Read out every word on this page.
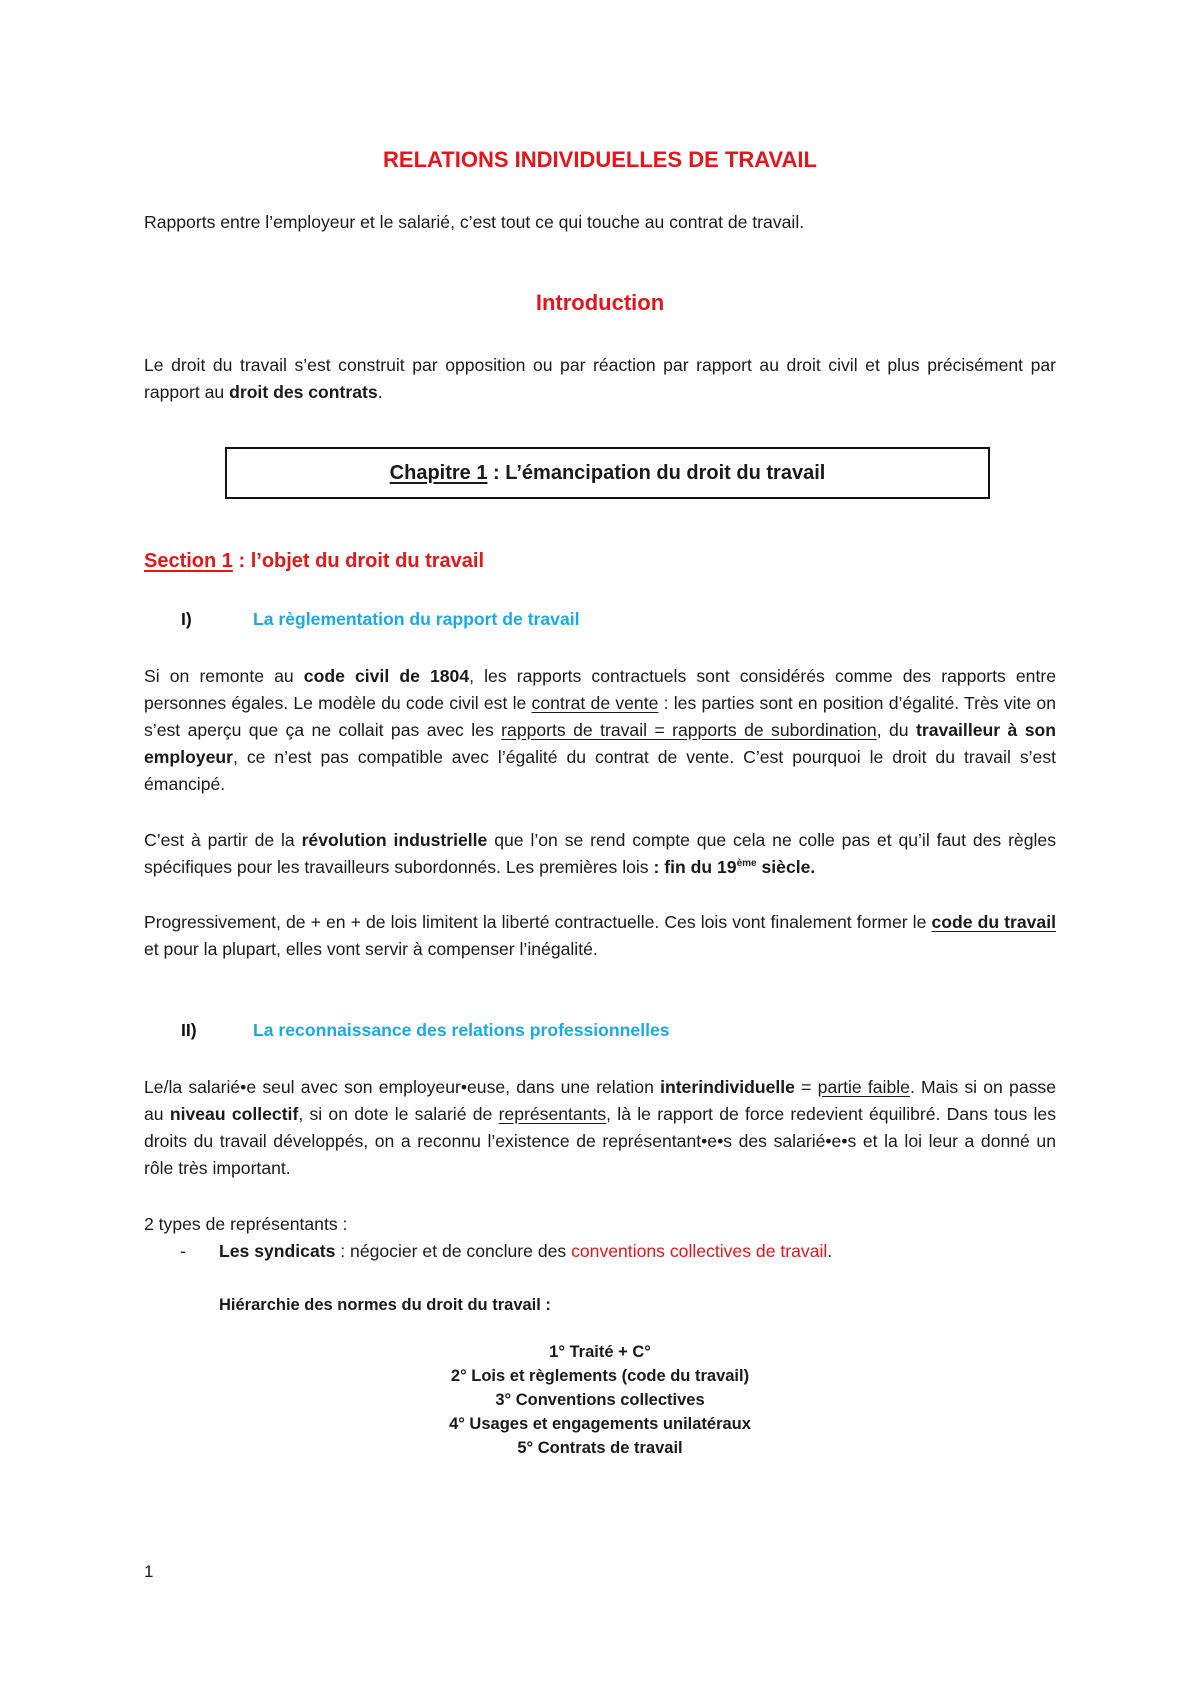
RELATIONS INDIVIDUELLES DE TRAVAIL

Rapports entre l’employeur et le salarié, c’est tout ce qui touche au contrat de travail.

Introduction

Le droit du travail s’est construit par opposition ou par réaction par rapport au droit civil et plus précisément par rapport au droit des contrats.

Chapitre 1 : L’émancipation du droit du travail
Section 1 : l’objet du droit du travail
I)	La règlementation du rapport de travail

Si on remonte au code civil de 1804, les rapports contractuels sont considérés comme des rapports entre personnes égales. Le modèle du code civil est le contrat de vente : les parties sont en position d’égalité. Très vite on s’est aperçu que ça ne collait pas avec les rapports de travail = rapports de subordination, du travailleur à son employeur, ce n’est pas compatible avec l’égalité du contrat de vente. C’est pourquoi le droit du travail s’est émancipé.

C’est à partir de la révolution industrielle que l’on se rend compte que cela ne colle pas et qu’il faut des règles spécifiques pour les travailleurs subordonnés. Les premières lois : fin du 19ème siècle.

Progressivement, de + en + de lois limitent la liberté contractuelle. Ces lois vont finalement former le code du travail et pour la plupart, elles vont servir à compenser l’inégalité.

II)	La reconnaissance des relations professionnelles

Le/la salarié•e seul avec son employeur•euse, dans une relation interindividuelle = partie faible. Mais si on passe au niveau collectif, si on dote le salarié de représentants, là le rapport de force redevient équilibré. Dans tous les droits du travail développés, on a reconnu l’existence de représentant•e•s des salarié•e•s et la loi leur a donné un rôle très important.

2 types de représentants :

- Les syndicats : négocier et de conclure des conventions collectives de travail.

Hiérarchie des normes du droit du travail :

1° Traité + C°
2° Lois et règlements (code du travail)
3° Conventions collectives
4° Usages et engagements unilatéraux
5° Contrats de travail
1
